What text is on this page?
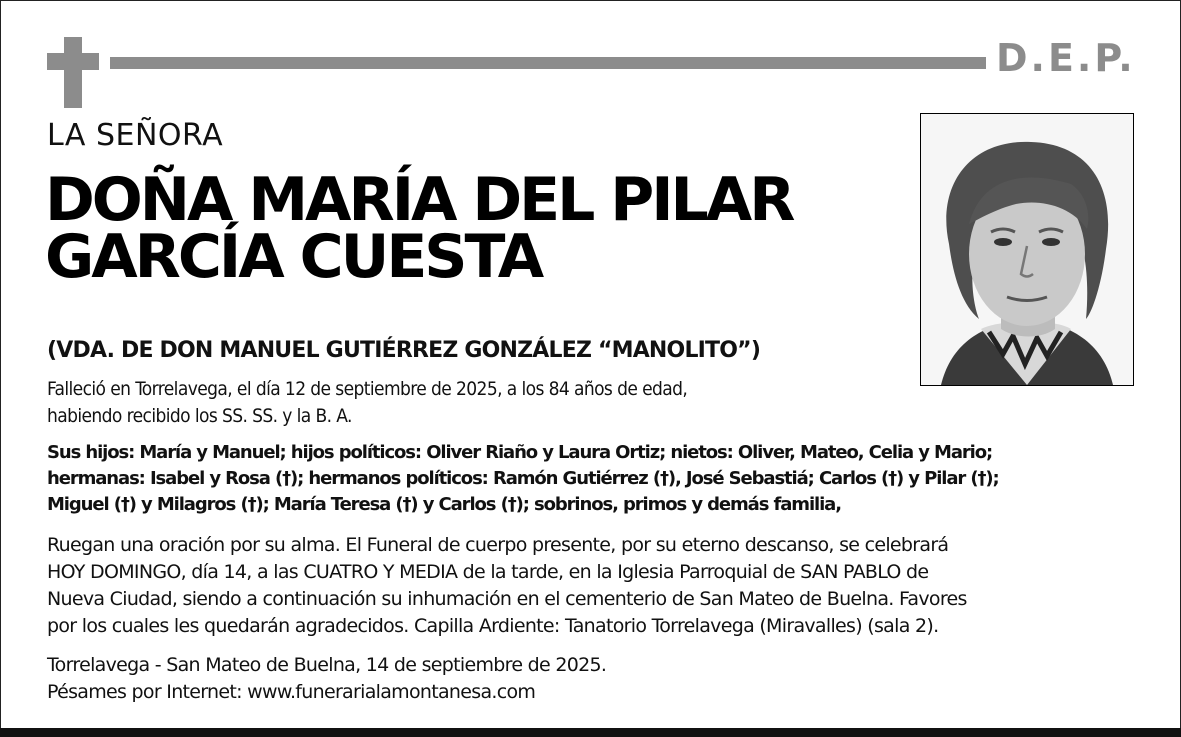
D.E.P.
LA SEÑORA
DOÑA MARÍA DEL PILAR
GARCÍA CUESTA
(VDA. DE DON MANUEL GUTIÉRREZ GONZÁLEZ “MANOLITO”)
Falleció en Torrelavega, el día 12 de septiembre de 2025, a los 84 años de edad,
habiendo recibido los SS. SS. y la B. A.
Sus hijos: María y Manuel; hijos políticos: Oliver Riaño y Laura Ortiz; nietos: Oliver, Mateo, Celia y Mario;
hermanas: Isabel y Rosa (†); hermanos políticos: Ramón Gutiérrez (†), José Sebastiá; Carlos (†) y Pilar (†);
Miguel (†) y Milagros (†); María Teresa (†) y Carlos (†); sobrinos, primos y demás familia,
Ruegan una oración por su alma. El Funeral de cuerpo presente, por su eterno descanso, se celebrará
HOY DOMINGO, día 14, a las CUATRO Y MEDIA de la tarde, en la Iglesia Parroquial de SAN PABLO de
Nueva Ciudad, siendo a continuación su inhumación en el cementerio de San Mateo de Buelna. Favores
por los cuales les quedarán agradecidos. Capilla Ardiente: Tanatorio Torrelavega (Miravalles) (sala 2).
Torrelavega - San Mateo de Buelna, 14 de septiembre de 2025.
Pésames por Internet: www.funerarialamontanesa.com
